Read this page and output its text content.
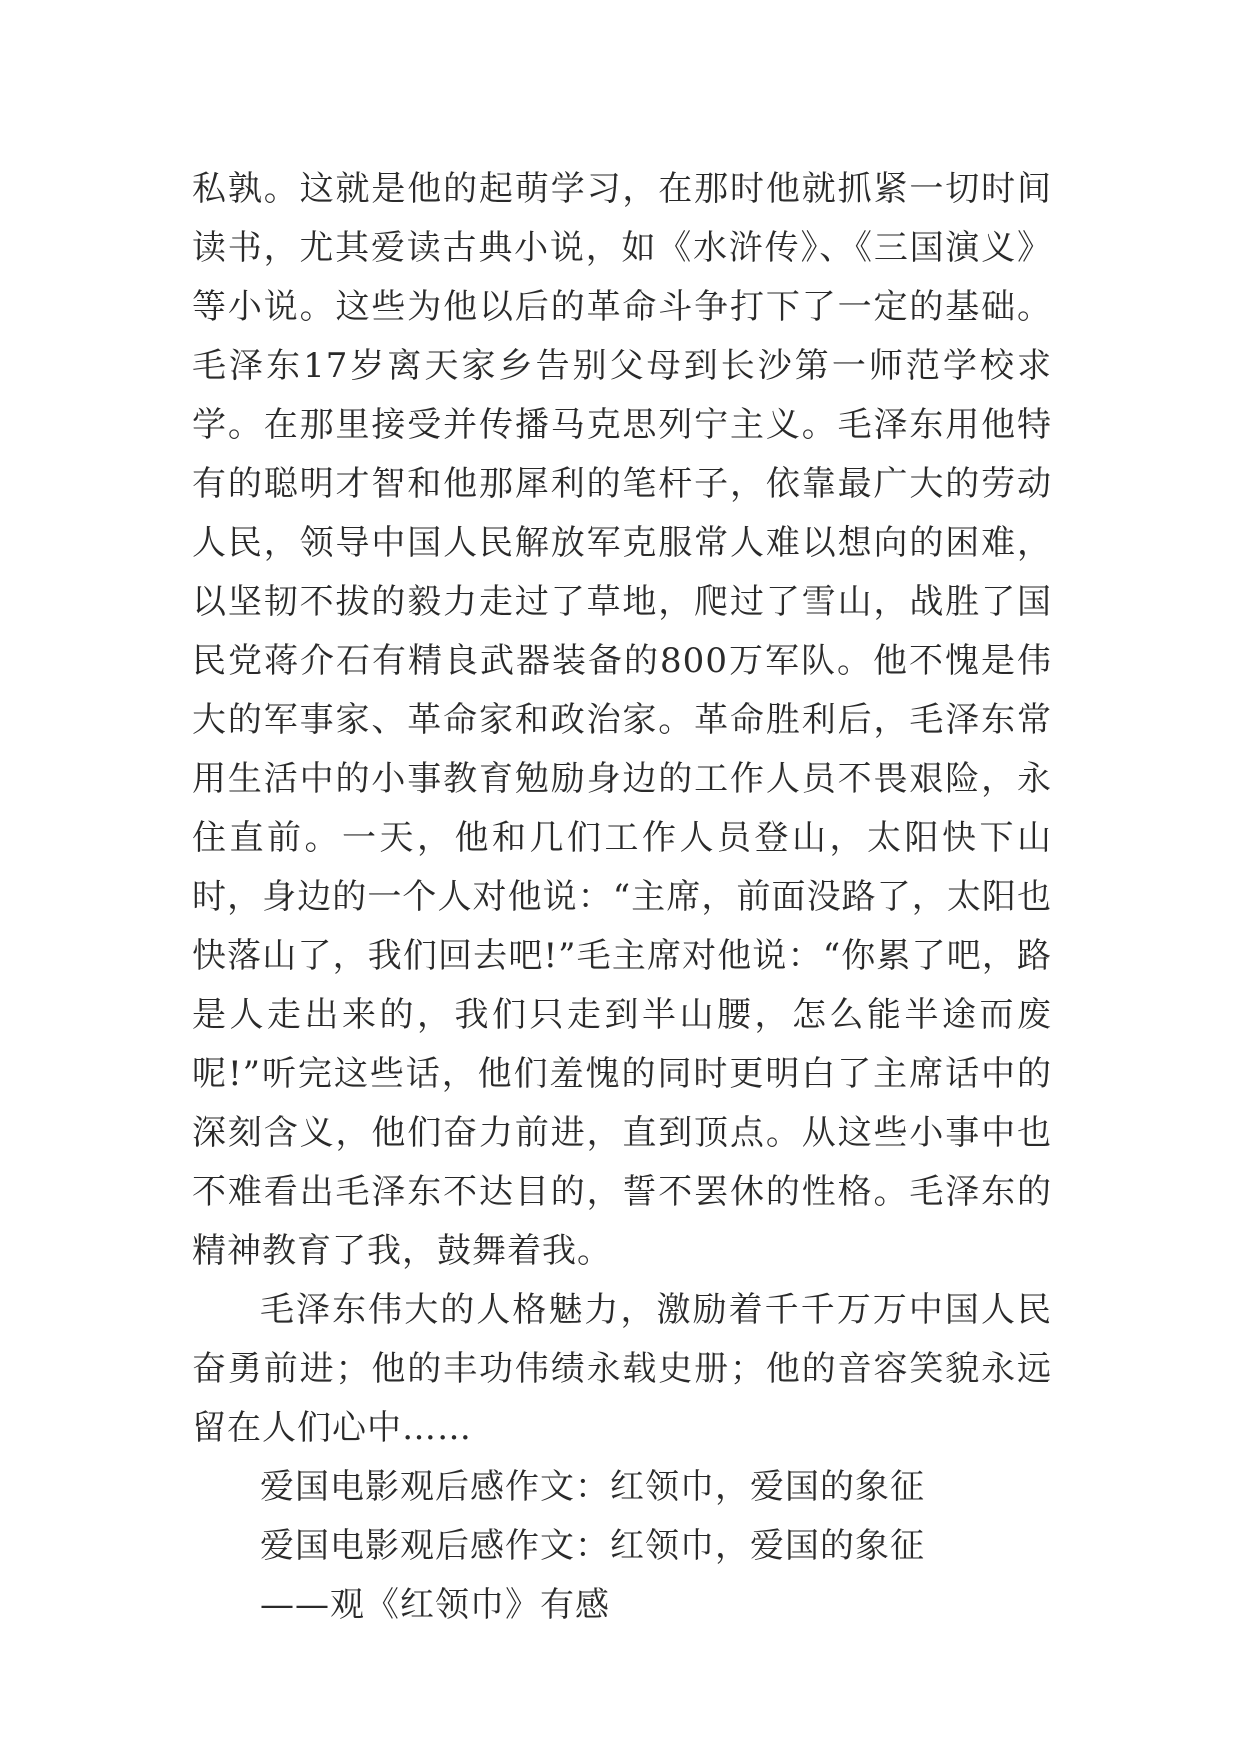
私孰。这就是他的起萌学习，在那时他就抓紧一切时间读书，尤其爱读古典小说，如《水浒传》、《三国演义》等小说。这些为他以后的革命斗争打下了一定的基础。毛泽东17岁离天家乡告别父母到长沙第一师范学校求学。在那里接受并传播马克思列宁主义。毛泽东用他特有的聪明才智和他那犀利的笔杆子，依靠最广大的劳动人民，领导中国人民解放军克服常人难以想向的困难，以坚韧不拔的毅力走过了草地，爬过了雪山，战胜了国民党蒋介石有精良武器装备的800万军队。他不愧是伟大的军事家、革命家和政治家。革命胜利后，毛泽东常用生活中的小事教育勉励身边的工作人员不畏艰险，永住直前。一天，他和几们工作人员登山，太阳快下山时，身边的一个人对他说：“主席，前面没路了，太阳也快落山了，我们回去吧!”毛主席对他说：“你累了吧，路是人走出来的，我们只走到半山腰，怎么能半途而废呢!”听完这些话，他们羞愧的同时更明白了主席话中的深刻含义，他们奋力前进，直到顶点。从这些小事中也不难看出毛泽东不达目的，誓不罢休的性格。毛泽东的精神教育了我，鼓舞着我。

毛泽东伟大的人格魅力，激励着千千万万中国人民奋勇前进；他的丰功伟绩永载史册；他的音容笑貌永远留在人们心中……

爱国电影观后感作文：红领巾，爱国的象征
爱国电影观后感作文：红领巾，爱国的象征
——观《红领巾》有感
